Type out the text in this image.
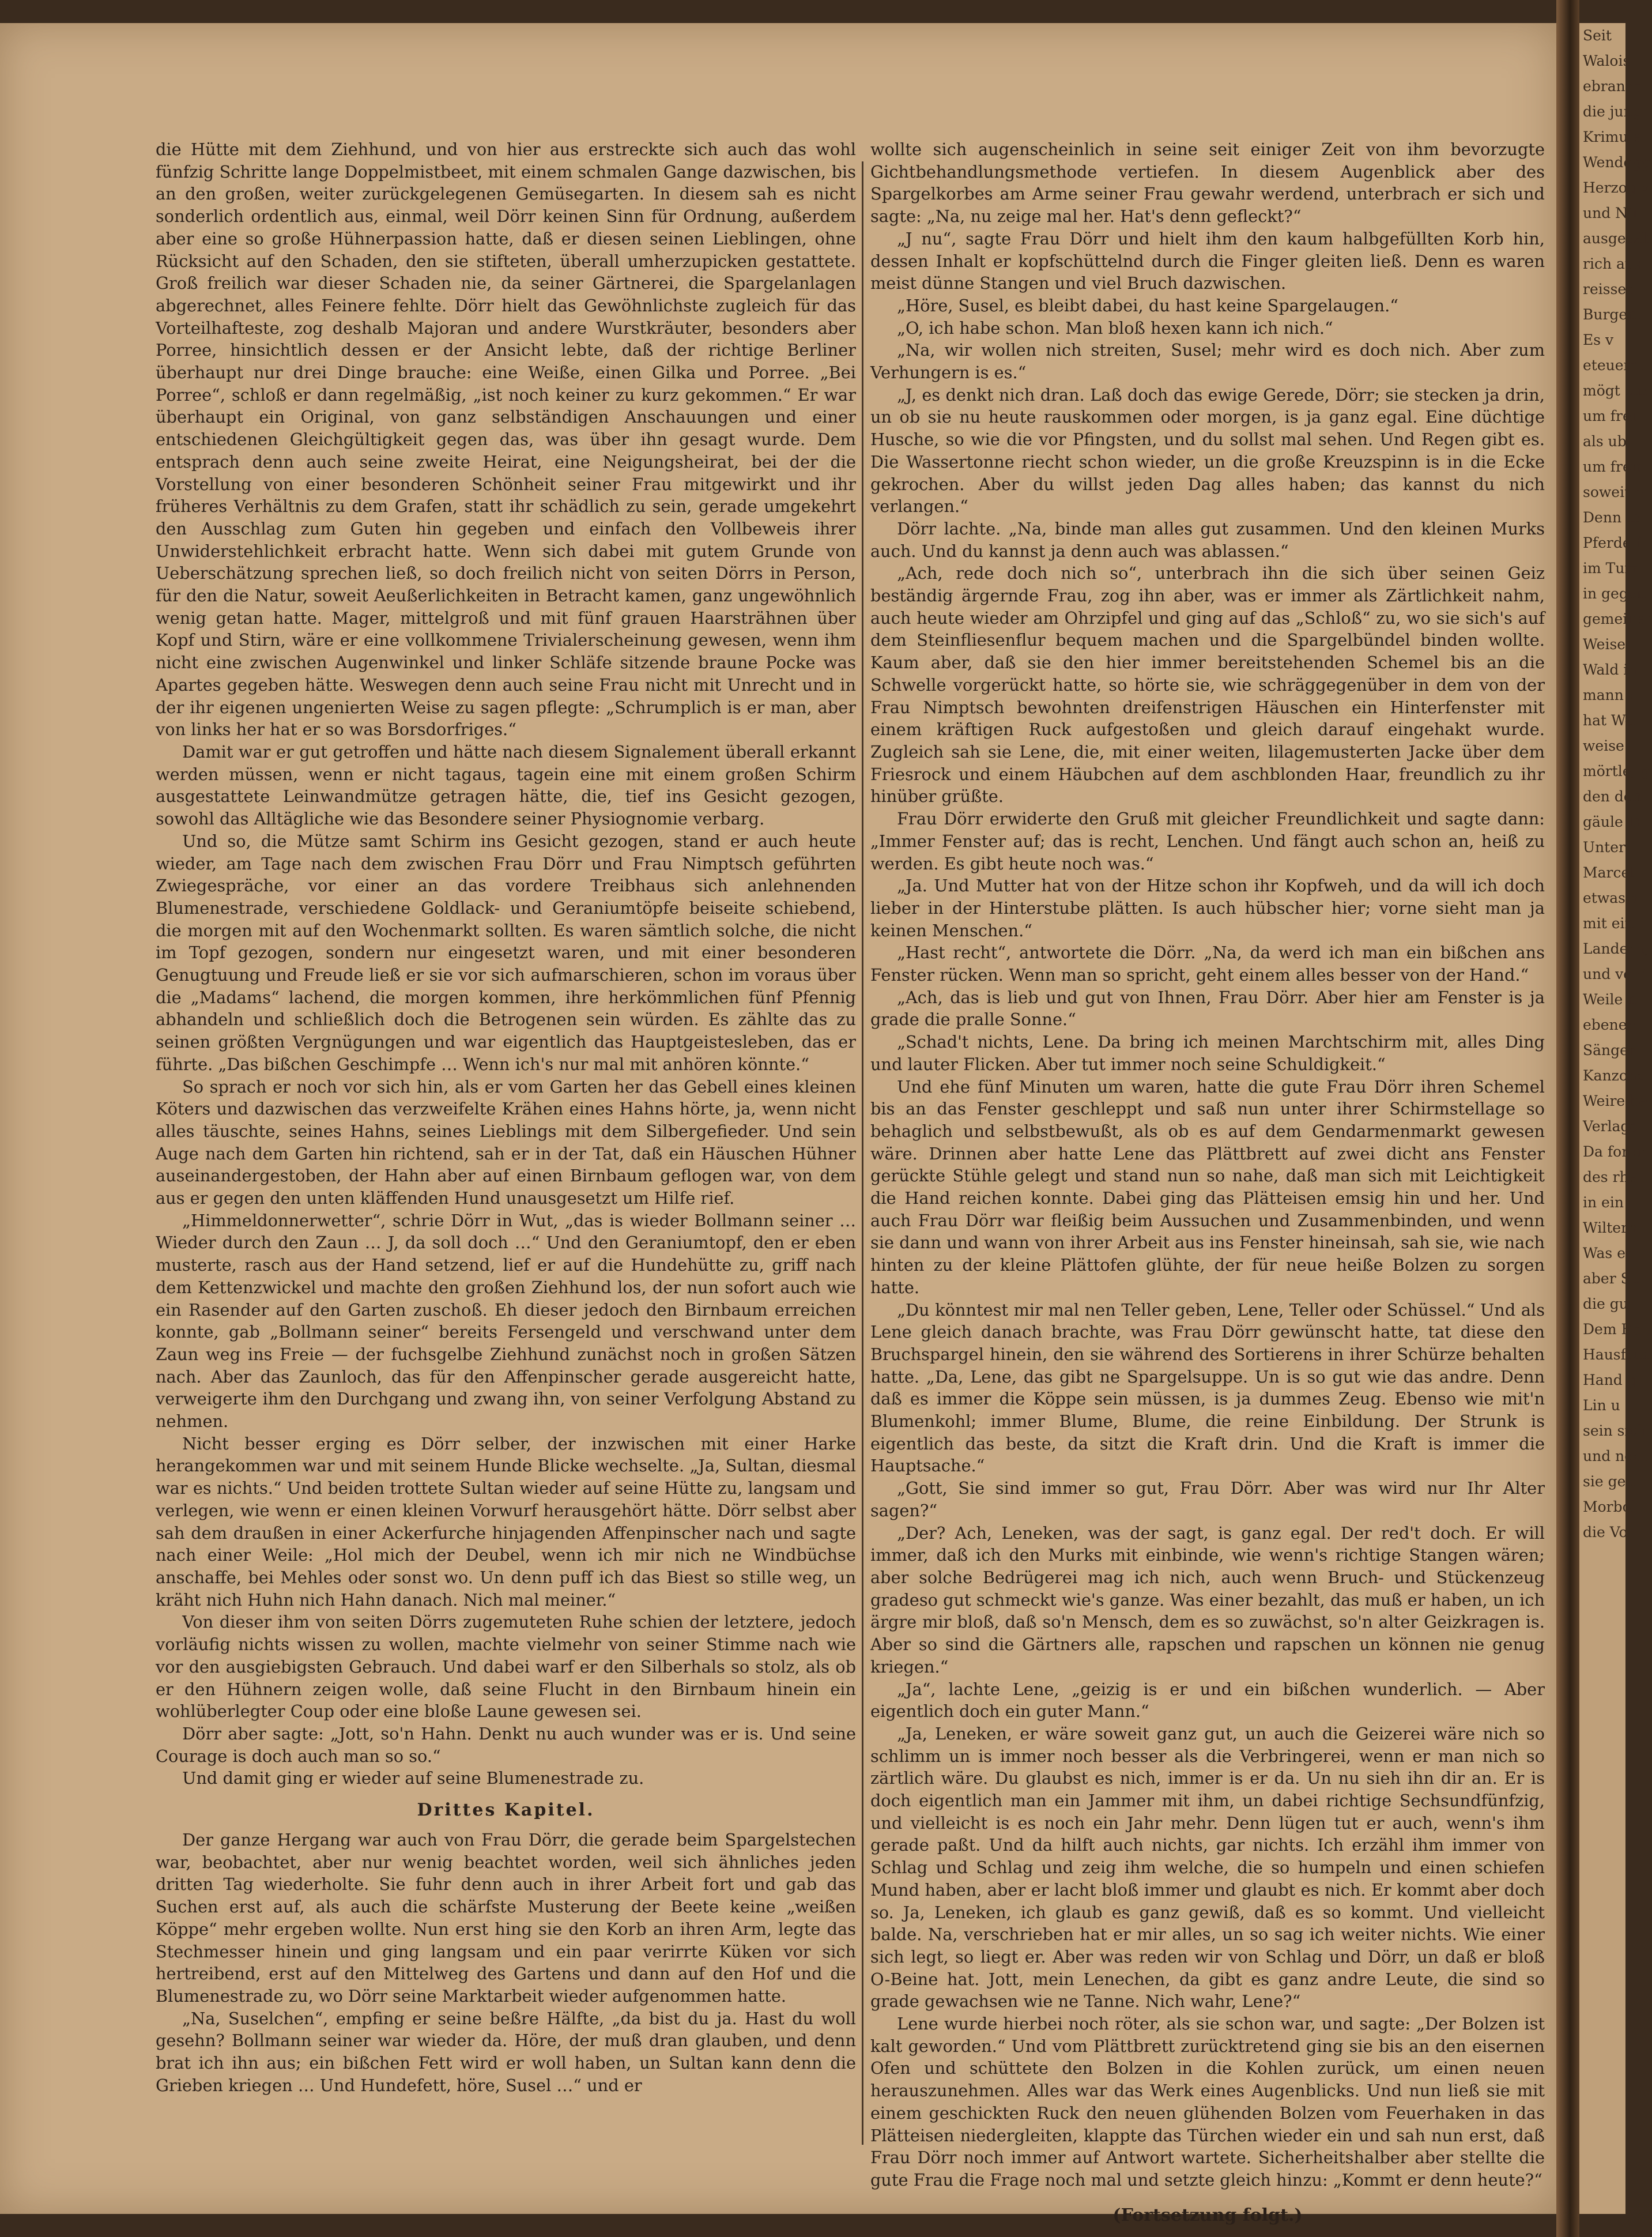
die Hütte mit dem Ziehhund, und von hier aus erstreckte sich auch das wohl fünfzig Schritte lange Doppelmistbeet, mit einem schmalen Gange dazwischen, bis an den großen, weiter zurückgelegenen Gemüsegarten. In diesem sah es nicht sonderlich ordentlich aus, einmal, weil Dörr keinen Sinn für Ordnung, außerdem aber eine so große Hühnerpassion hatte, daß er diesen seinen Lieblingen, ohne Rücksicht auf den Schaden, den sie stifteten, überall umherzupicken gestattete. Groß freilich war dieser Schaden nie, da seiner Gärtnerei, die Spargelanlagen abgerechnet, alles Feinere fehlte. Dörr hielt das Gewöhnlichste zugleich für das Vorteilhafteste, zog deshalb Majoran und andere Wurstkräuter, besonders aber Porree, hinsichtlich dessen er der Ansicht lebte, daß der richtige Berliner überhaupt nur drei Dinge brauche: eine Weiße, einen Gilka und Porree. „Bei Porree“, schloß er dann regelmäßig, „ist noch keiner zu kurz gekommen.“ Er war überhaupt ein Original, von ganz selbständigen Anschauungen und einer entschiedenen Gleichgültigkeit gegen das, was über ihn gesagt wurde. Dem entsprach denn auch seine zweite Heirat, eine Neigungsheirat, bei der die Vorstellung von einer besonderen Schönheit seiner Frau mitgewirkt und ihr früheres Verhältnis zu dem Grafen, statt ihr schädlich zu sein, gerade umgekehrt den Ausschlag zum Guten hin gegeben und einfach den Vollbeweis ihrer Unwiderstehlichkeit erbracht hatte. Wenn sich dabei mit gutem Grunde von Ueberschätzung sprechen ließ, so doch freilich nicht von seiten Dörrs in Person, für den die Natur, soweit Aeußerlichkeiten in Betracht kamen, ganz ungewöhnlich wenig getan hatte. Mager, mittelgroß und mit fünf grauen Haarsträhnen über Kopf und Stirn, wäre er eine vollkommene Trivialerscheinung gewesen, wenn ihm nicht eine zwischen Augenwinkel und linker Schläfe sitzende braune Pocke was Apartes gegeben hätte. Weswegen denn auch seine Frau nicht mit Unrecht und in der ihr eigenen ungenierten Weise zu sagen pflegte: „Schrumplich is er man, aber von links her hat er so was Borsdorfriges.“

Damit war er gut getroffen und hätte nach diesem Signalement überall erkannt werden müssen, wenn er nicht tagaus, tagein eine mit einem großen Schirm ausgestattete Leinwandmütze getragen hätte, die, tief ins Gesicht gezogen, sowohl das Alltägliche wie das Besondere seiner Physiognomie verbarg.

Und so, die Mütze samt Schirm ins Gesicht gezogen, stand er auch heute wieder, am Tage nach dem zwischen Frau Dörr und Frau Nimptsch geführten Zwiegespräche, vor einer an das vordere Treibhaus sich anlehnenden Blumenestrade, verschiedene Goldlack- und Geraniumtöpfe beiseite schiebend, die morgen mit auf den Wochenmarkt sollten. Es waren sämtlich solche, die nicht im Topf gezogen, sondern nur eingesetzt waren, und mit einer besonderen Genugtuung und Freude ließ er sie vor sich aufmarschieren, schon im voraus über die „Madams“ lachend, die morgen kommen, ihre herkömmlichen fünf Pfennig abhandeln und schließlich doch die Betrogenen sein würden. Es zählte das zu seinen größten Vergnügungen und war eigentlich das Hauptgeistesleben, das er führte. „Das bißchen Geschimpfe … Wenn ich's nur mal mit anhören könnte.“

So sprach er noch vor sich hin, als er vom Garten her das Gebell eines kleinen Köters und dazwischen das verzweifelte Krähen eines Hahns hörte, ja, wenn nicht alles täuschte, seines Hahns, seines Lieblings mit dem Silbergefieder. Und sein Auge nach dem Garten hin richtend, sah er in der Tat, daß ein Häuschen Hühner auseinandergestoben, der Hahn aber auf einen Birnbaum geflogen war, von dem aus er gegen den unten kläffenden Hund unausgesetzt um Hilfe rief.

„Himmeldonnerwetter“, schrie Dörr in Wut, „das is wieder Bollmann seiner … Wieder durch den Zaun … J, da soll doch …“ Und den Geraniumtopf, den er eben musterte, rasch aus der Hand setzend, lief er auf die Hundehütte zu, griff nach dem Kettenzwickel und machte den großen Ziehhund los, der nun sofort auch wie ein Rasender auf den Garten zuschoß. Eh dieser jedoch den Birnbaum erreichen konnte, gab „Bollmann seiner“ bereits Fersengeld und verschwand unter dem Zaun weg ins Freie — der fuchsgelbe Ziehhund zunächst noch in großen Sätzen nach. Aber das Zaunloch, das für den Affenpinscher gerade ausgereicht hatte, verweigerte ihm den Durchgang und zwang ihn, von seiner Verfolgung Abstand zu nehmen.

Nicht besser erging es Dörr selber, der inzwischen mit einer Harke herangekommen war und mit seinem Hunde Blicke wechselte. „Ja, Sultan, diesmal war es nichts.“ Und beiden trottete Sultan wieder auf seine Hütte zu, langsam und verlegen, wie wenn er einen kleinen Vorwurf herausgehört hätte. Dörr selbst aber sah dem draußen in einer Ackerfurche hinjagenden Affenpinscher nach und sagte nach einer Weile: „Hol mich der Deubel, wenn ich mir nich ne Windbüchse anschaffe, bei Mehles oder sonst wo. Un denn puff ich das Biest so stille weg, un kräht nich Huhn nich Hahn danach. Nich mal meiner.“

Von dieser ihm von seiten Dörrs zugemuteten Ruhe schien der letztere, jedoch vorläufig nichts wissen zu wollen, machte vielmehr von seiner Stimme nach wie vor den ausgiebigsten Gebrauch. Und dabei warf er den Silberhals so stolz, als ob er den Hühnern zeigen wolle, daß seine Flucht in den Birnbaum hinein ein wohlüberlegter Coup oder eine bloße Laune gewesen sei.

Dörr aber sagte: „Jott, so'n Hahn. Denkt nu auch wunder was er is. Und seine Courage is doch auch man so so.“

Und damit ging er wieder auf seine Blumenestrade zu.

Drittes Kapitel.

Der ganze Hergang war auch von Frau Dörr, die gerade beim Spargelstechen war, beobachtet, aber nur wenig beachtet worden, weil sich ähnliches jeden dritten Tag wiederholte. Sie fuhr denn auch in ihrer Arbeit fort und gab das Suchen erst auf, als auch die schärfste Musterung der Beete keine „weißen Köppe“ mehr ergeben wollte. Nun erst hing sie den Korb an ihren Arm, legte das Stechmesser hinein und ging langsam und ein paar verirrte Küken vor sich hertreibend, erst auf den Mittelweg des Gartens und dann auf den Hof und die Blumenestrade zu, wo Dörr seine Marktarbeit wieder aufgenommen hatte.

„Na, Suselchen“, empfing er seine beßre Hälfte, „da bist du ja. Hast du woll gesehn? Bollmann seiner war wieder da. Höre, der muß dran glauben, und denn brat ich ihn aus; ein bißchen Fett wird er woll haben, un Sultan kann denn die Grieben kriegen … Und Hundefett, höre, Susel …“ und er

wollte sich augenscheinlich in seine seit einiger Zeit von ihm bevorzugte Gichtbehandlungsmethode vertiefen. In diesem Augenblick aber des Spargelkorbes am Arme seiner Frau gewahr werdend, unterbrach er sich und sagte: „Na, nu zeige mal her. Hat's denn gefleckt?“

„J nu“, sagte Frau Dörr und hielt ihm den kaum halbgefüllten Korb hin, dessen Inhalt er kopfschüttelnd durch die Finger gleiten ließ. Denn es waren meist dünne Stangen und viel Bruch dazwischen.

„Höre, Susel, es bleibt dabei, du hast keine Spargelaugen.“

„O, ich habe schon. Man bloß hexen kann ich nich.“

„Na, wir wollen nich streiten, Susel; mehr wird es doch nich. Aber zum Verhungern is es.“

„J, es denkt nich dran. Laß doch das ewige Gerede, Dörr; sie stecken ja drin, un ob sie nu heute rauskommen oder morgen, is ja ganz egal. Eine düchtige Husche, so wie die vor Pfingsten, und du sollst mal sehen. Und Regen gibt es. Die Wassertonne riecht schon wieder, un die große Kreuzspinn is in die Ecke gekrochen. Aber du willst jeden Dag alles haben; das kannst du nich verlangen.“

Dörr lachte. „Na, binde man alles gut zusammen. Und den kleinen Murks auch. Und du kannst ja denn auch was ablassen.“

„Ach, rede doch nich so“, unterbrach ihn die sich über seinen Geiz beständig ärgernde Frau, zog ihn aber, was er immer als Zärtlichkeit nahm, auch heute wieder am Ohrzipfel und ging auf das „Schloß“ zu, wo sie sich's auf dem Steinfliesenflur bequem machen und die Spargelbündel binden wollte. Kaum aber, daß sie den hier immer bereitstehenden Schemel bis an die Schwelle vorgerückt hatte, so hörte sie, wie schräggegenüber in dem von der Frau Nimptsch bewohnten dreifenstrigen Häuschen ein Hinterfenster mit einem kräftigen Ruck aufgestoßen und gleich darauf eingehakt wurde. Zugleich sah sie Lene, die, mit einer weiten, lilagemusterten Jacke über dem Friesrock und einem Häubchen auf dem aschblonden Haar, freundlich zu ihr hinüber grüßte.

Frau Dörr erwiderte den Gruß mit gleicher Freundlichkeit und sagte dann: „Immer Fenster auf; das is recht, Lenchen. Und fängt auch schon an, heiß zu werden. Es gibt heute noch was.“

„Ja. Und Mutter hat von der Hitze schon ihr Kopfweh, und da will ich doch lieber in der Hinterstube plätten. Is auch hübscher hier; vorne sieht man ja keinen Menschen.“

„Hast recht“, antwortete die Dörr. „Na, da werd ich man ein bißchen ans Fenster rücken. Wenn man so spricht, geht einem alles besser von der Hand.“

„Ach, das is lieb und gut von Ihnen, Frau Dörr. Aber hier am Fenster is ja grade die pralle Sonne.“

„Schad't nichts, Lene. Da bring ich meinen Marchtschirm mit, alles Ding und lauter Flicken. Aber tut immer noch seine Schuldigkeit.“

Und ehe fünf Minuten um waren, hatte die gute Frau Dörr ihren Schemel bis an das Fenster geschleppt und saß nun unter ihrer Schirmstellage so behaglich und selbstbewußt, als ob es auf dem Gendarmenmarkt gewesen wäre. Drinnen aber hatte Lene das Plättbrett auf zwei dicht ans Fenster gerückte Stühle gelegt und stand nun so nahe, daß man sich mit Leichtigkeit die Hand reichen konnte. Dabei ging das Plätteisen emsig hin und her. Und auch Frau Dörr war fleißig beim Aussuchen und Zusammenbinden, und wenn sie dann und wann von ihrer Arbeit aus ins Fenster hineinsah, sah sie, wie nach hinten zu der kleine Plättofen glühte, der für neue heiße Bolzen zu sorgen hatte.

„Du könntest mir mal nen Teller geben, Lene, Teller oder Schüssel.“ Und als Lene gleich danach brachte, was Frau Dörr gewünscht hatte, tat diese den Bruchspargel hinein, den sie während des Sortierens in ihrer Schürze behalten hatte. „Da, Lene, das gibt ne Spargelsuppe. Un is so gut wie das andre. Denn daß es immer die Köppe sein müssen, is ja dummes Zeug. Ebenso wie mit'n Blumenkohl; immer Blume, Blume, die reine Einbildung. Der Strunk is eigentlich das beste, da sitzt die Kraft drin. Und die Kraft is immer die Hauptsache.“

„Gott, Sie sind immer so gut, Frau Dörr. Aber was wird nur Ihr Alter sagen?“

„Der? Ach, Leneken, was der sagt, is ganz egal. Der red't doch. Er will immer, daß ich den Murks mit einbinde, wie wenn's richtige Stangen wären; aber solche Bedrügerei mag ich nich, auch wenn Bruch- und Stückenzeug gradeso gut schmeckt wie's ganze. Was einer bezahlt, das muß er haben, un ich ärgre mir bloß, daß so'n Mensch, dem es so zuwächst, so'n alter Geizkragen is. Aber so sind die Gärtners alle, rapschen und rapschen un können nie genug kriegen.“

„Ja“, lachte Lene, „geizig is er und ein bißchen wunderlich. — Aber eigentlich doch ein guter Mann.“

„Ja, Leneken, er wäre soweit ganz gut, un auch die Geizerei wäre nich so schlimm un is immer noch besser als die Verbringerei, wenn er man nich so zärtlich wäre. Du glaubst es nich, immer is er da. Un nu sieh ihn dir an. Er is doch eigentlich man ein Jammer mit ihm, un dabei richtige Sechsundfünfzig, und vielleicht is es noch ein Jahr mehr. Denn lügen tut er auch, wenn's ihm gerade paßt. Und da hilft auch nichts, gar nichts. Ich erzähl ihm immer von Schlag und Schlag und zeig ihm welche, die so humpeln und einen schiefen Mund haben, aber er lacht bloß immer und glaubt es nich. Er kommt aber doch so. Ja, Leneken, ich glaub es ganz gewiß, daß es so kommt. Und vielleicht balde. Na, verschrieben hat er mir alles, un so sag ich weiter nichts. Wie einer sich legt, so liegt er. Aber was reden wir von Schlag und Dörr, un daß er bloß O-Beine hat. Jott, mein Lenechen, da gibt es ganz andre Leute, die sind so grade gewachsen wie ne Tanne. Nich wahr, Lene?“

Lene wurde hierbei noch röter, als sie schon war, und sagte: „Der Bolzen ist kalt geworden.“ Und vom Plättbrett zurücktretend ging sie bis an den eisernen Ofen und schüttete den Bolzen in die Kohlen zurück, um einen neuen herauszunehmen. Alles war das Werk eines Augenblicks. Und nun ließ sie mit einem geschickten Ruck den neuen glühenden Bolzen vom Feuerhaken in das Plätteisen niedergleiten, klappte das Türchen wieder ein und sah nun erst, daß Frau Dörr noch immer auf Antwort wartete. Sicherheitshalber aber stellte die gute Frau die Frage noch mal und setzte gleich hinzu: „Kommt er denn heute?“

(Fortsetzung folgt.)
Seit
Walois,
ebrannt
die jung
Krimule
Wendegg
Herzog v
und Nin
ausgezäh
rich aus
reissen
Burgen.
Es v
eteuern,
mögt ein
um frei
als ub
um frem
soweit e
Denn ih
Pferde f
im Turn
in gegen
gemeiner
Weise
Wald in
mann bi
hat Wel
weise
mörtle, g
den den
gäule Ta
Unter
Marcel,
etwas v
mit ein
Landern,
und verf
Weile n
ebenen
Sänger
Kanzone
Weireibe
Verlage
Da fordr
des rhei
in ein
Wiltern
Was er
aber Sü
die gut
Dem Be
Hausfrun
Hand g
Lin u
sein sich
und noch
sie geli
Morbol
die Vo
